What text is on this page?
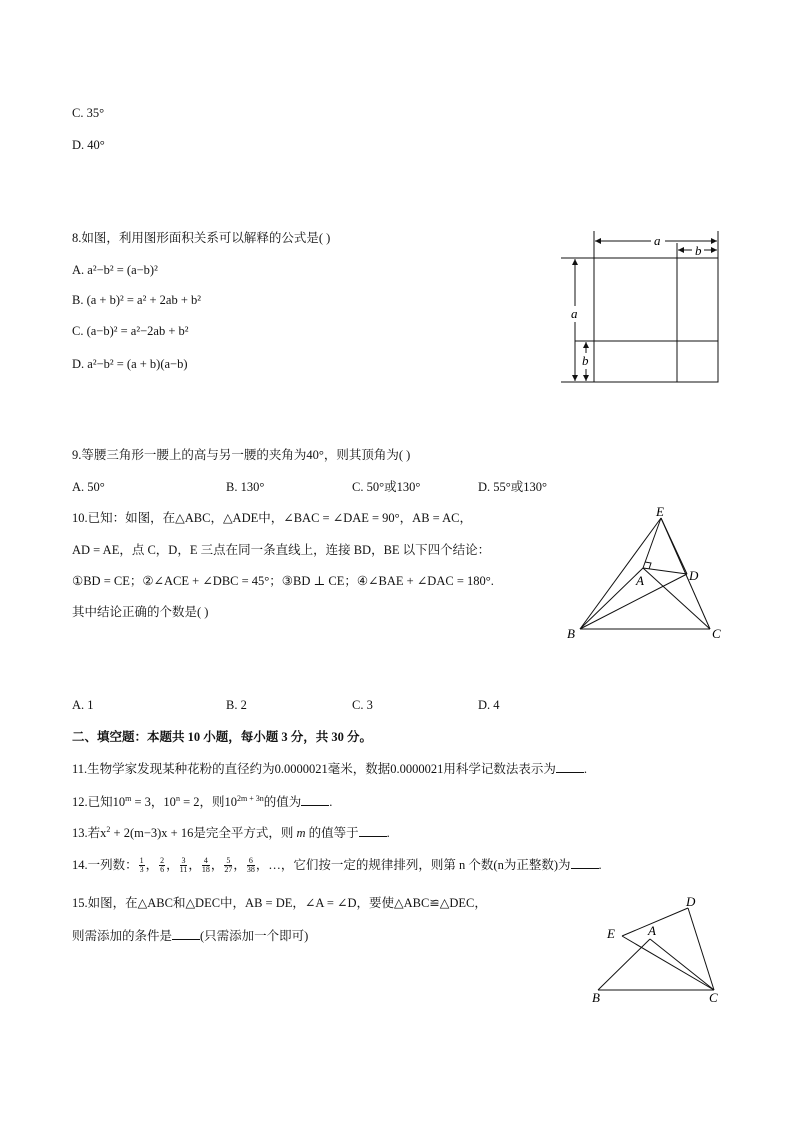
C. 35°
D. 40°
8.如图，利用图形面积关系可以解释的公式是( )
A. a²−b² = (a−b)²
B. (a + b)² = a² + 2ab + b²
C. (a−b)² = a²−2ab + b²
D. a²−b² = (a + b)(a−b)
a
b
a
b
9.等腰三角形一腰上的高与另一腰的夹角为40°，则其顶角为( )
A. 50°	B. 130°	C. 50°或130°	D. 55°或130°
10.已知：如图，在△ABC，△ADE中，∠BAC = ∠DAE = 90°，AB = AC，
AD = AE，点 C，D，E 三点在同一条直线上，连接 BD，BE 以下四个结论：
①BD = CE；②∠ACE + ∠DBC = 45°；③BD ⊥ CE；④∠BAE + ∠DAC = 180°.
其中结论正确的个数是( )
E
A	D
B	C
A. 1	B. 2	C. 3	D. 4
二、填空题：本题共 10 小题，每小题 3 分，共 30 分。
11.生物学家发现某种花粉的直径约为0.0000021毫米，数据0.0000021用科学记数法表示为 .
12.已知$10^m = 3$，$10^n = 2$，则$10^{2m + 3n}$的值为 .
13.若$x^2 + 2(m-3)x + 16$是完全平方式，则 m 的值等于 .
14.一列数： $\frac{1}{3}$ ， $\frac{2}{6}$ ， $\frac{3}{11}$ ， $\frac{4}{18}$ ， $\frac{5}{27}$ ， $\frac{6}{38}$ ，…，它们按一定的规律排列，则第 n 个数(n为正整数)为 .
15.如图，在△ABC和△DEC中，AB = DE，∠A = ∠D，要使△ABC≌△DEC，
则需添加的条件是 (只需添加一个即可)
D
E	A
B	C
